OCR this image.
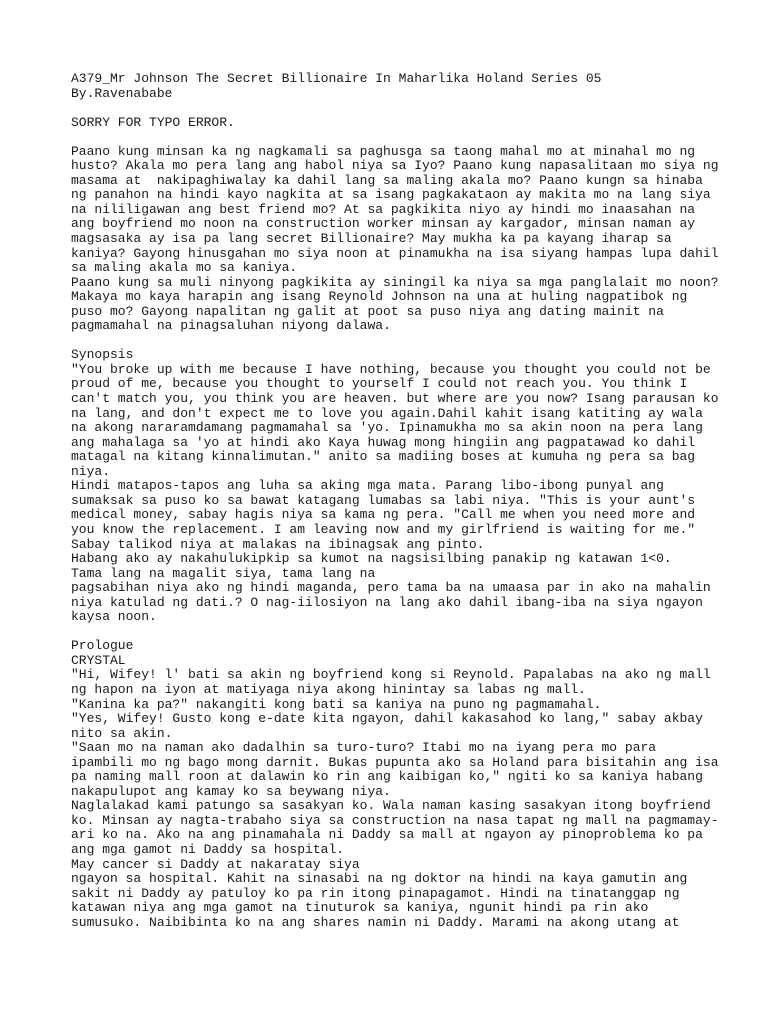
A379_Mr Johnson The Secret Billionaire In Maharlika Holand Series 05
By.Ravenababe
SORRY FOR TYPO ERROR.
Paano kung minsan ka ng nagkamali sa paghusga sa taong mahal mo at minahal mo ng
husto? Akala mo pera lang ang habol niya sa Iyo? Paano kung napasalitaan mo siya ng
masama at  nakipaghiwalay ka dahil lang sa maling akala mo? Paano kungn sa hinaba
ng panahon na hindi kayo nagkita at sa isang pagkakataon ay makita mo na lang siya
na nililigawan ang best friend mo? At sa pagkikita niyo ay hindi mo inaasahan na
ang boyfriend mo noon na construction worker minsan ay kargador, minsan naman ay
magsasaka ay isa pa lang secret Billionaire? May mukha ka pa kayang iharap sa
kaniya? Gayong hinusgahan mo siya noon at pinamukha na isa siyang hampas lupa dahil
sa maling akala mo sa kaniya.
Paano kung sa muli ninyong pagkikita ay siningil ka niya sa mga panglalait mo noon?
Makaya mo kaya harapin ang isang Reynold Johnson na una at huling nagpatibok ng
puso mo? Gayong napalitan ng galit at poot sa puso niya ang dating mainit na
pagmamahal na pinagsaluhan niyong dalawa.
Synopsis
"You broke up with me because I have nothing, because you thought you could not be
proud of me, because you thought to yourself I could not reach you. You think I
can't match you, you think you are heaven. but where are you now? Isang parausan ko
na lang, and don't expect me to love you again.Dahil kahit isang katiting ay wala
na akong nararamdamang pagmamahal sa 'yo. Ipinamukha mo sa akin noon na pera lang
ang mahalaga sa 'yo at hindi ako Kaya huwag mong hingiin ang pagpatawad ko dahil
matagal na kitang kinnalimutan." anito sa madiing boses at kumuha ng pera sa bag
niya.
Hindi matapos-tapos ang luha sa aking mga mata. Parang libo-ibong punyal ang
sumaksak sa puso ko sa bawat katagang lumabas sa labi niya. "This is your aunt's
medical money, sabay hagis niya sa kama ng pera. "Call me when you need more and
you know the replacement. I am leaving now and my girlfriend is waiting for me."
Sabay talikod niya at malakas na ibinagsak ang pinto.
Habang ako ay nakahulukipkip sa kumot na nagsisilbing panakip ng katawan 1<0.
Tama lang na magalit siya, tama lang na
pagsabihan niya ako ng hindi maganda, pero tama ba na umaasa par in ako na mahalin
niya katulad ng dati.? O nag-iilosiyon na lang ako dahil ibang-iba na siya ngayon
kaysa noon.
Prologue
CRYSTAL
"Hi, Wifey! l' bati sa akin ng boyfriend kong si Reynold. Papalabas na ako ng mall
ng hapon na iyon at matiyaga niya akong hinintay sa labas ng mall.
"Kanina ka pa?" nakangiti kong bati sa kaniya na puno ng pagmamahal.
"Yes, Wifey! Gusto kong e-date kita ngayon, dahil kakasahod ko lang," sabay akbay
nito sa akin.
"Saan mo na naman ako dadalhin sa turo-turo? Itabi mo na iyang pera mo para
ipambili mo ng bago mong darnit. Bukas pupunta ako sa Holand para bisitahin ang isa
pa naming mall roon at dalawin ko rin ang kaibigan ko," ngiti ko sa kaniya habang
nakapulupot ang kamay ko sa beywang niya.
Naglalakad kami patungo sa sasakyan ko. Wala naman kasing sasakyan itong boyfriend
ko. Minsan ay nagta-trabaho siya sa construction na nasa tapat ng mall na pagmamay-
ari ko na. Ako na ang pinamahala ni Daddy sa mall at ngayon ay pinoproblema ko pa
ang mga gamot ni Daddy sa hospital.
May cancer si Daddy at nakaratay siya
ngayon sa hospital. Kahit na sinasabi na ng doktor na hindi na kaya gamutin ang
sakit ni Daddy ay patuloy ko pa rin itong pinapagamot. Hindi na tinatanggap ng
katawan niya ang mga gamot na tinuturok sa kaniya, ngunit hindi pa rin ako
sumusuko. Naibibinta ko na ang shares namin ni Daddy. Marami na akong utang at
